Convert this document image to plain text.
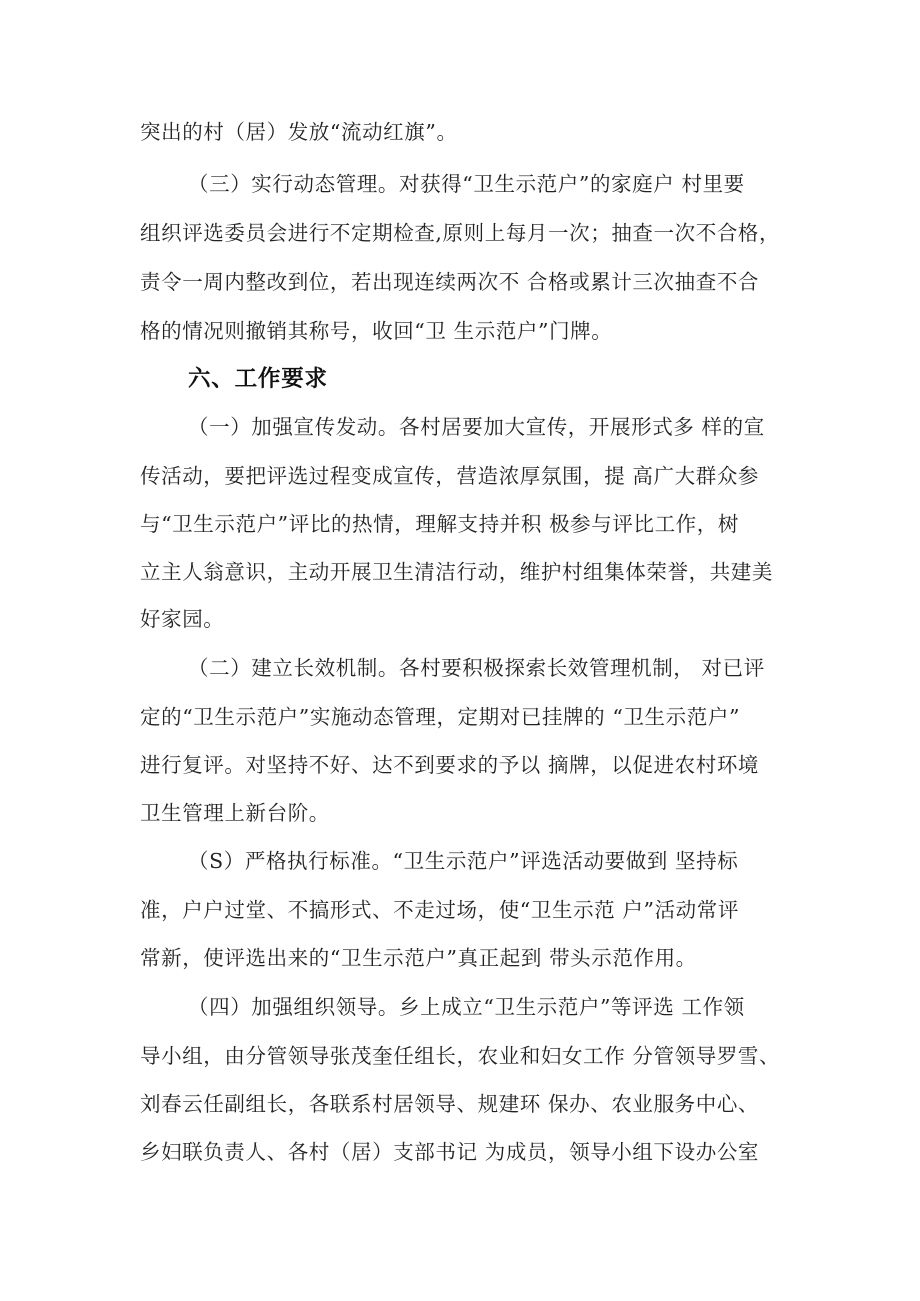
突出的村（居）发放“流动红旗”。
（三）实行动态管理。对获得“卫生示范户”的家庭户 村里要
组织评选委员会进行不定期检查,原则上每月一次；抽查一次不合格，
责令一周内整改到位，若出现连续两次不 合格或累计三次抽查不合
格的情况则撤销其称号，收回“卫 生示范户”门牌。
六、工作要求
（一）加强宣传发动。各村居要加大宣传，开展形式多 样的宣
传活动，要把评选过程变成宣传，营造浓厚氛围，提 高广大群众参
与“卫生示范户”评比的热情，理解支持并积 极参与评比工作，树
立主人翁意识，主动开展卫生清洁行动，维护村组集体荣誉，共建美
好家园。
（二）建立长效机制。各村要积极探索长效管理机制， 对已评
定的“卫生示范户”实施动态管理，定期对已挂牌的 “卫生示范户”
进行复评。对坚持不好、达不到要求的予以 摘牌，以促进农村环境
卫生管理上新台阶。
（S）严格执行标准。“卫生示范户”评选活动要做到 坚持标
准，户户过堂、不搞形式、不走过场，使“卫生示范 户”活动常评
常新，使评选出来的“卫生示范户”真正起到 带头示范作用。
（四）加强组织领导。乡上成立“卫生示范户”等评选 工作领
导小组，由分管领导张茂奎任组长，农业和妇女工作 分管领导罗雪、
刘春云任副组长，各联系村居领导、规建环 保办、农业服务中心、
乡妇联负责人、各村（居）支部书记 为成员，领导小组下设办公室
